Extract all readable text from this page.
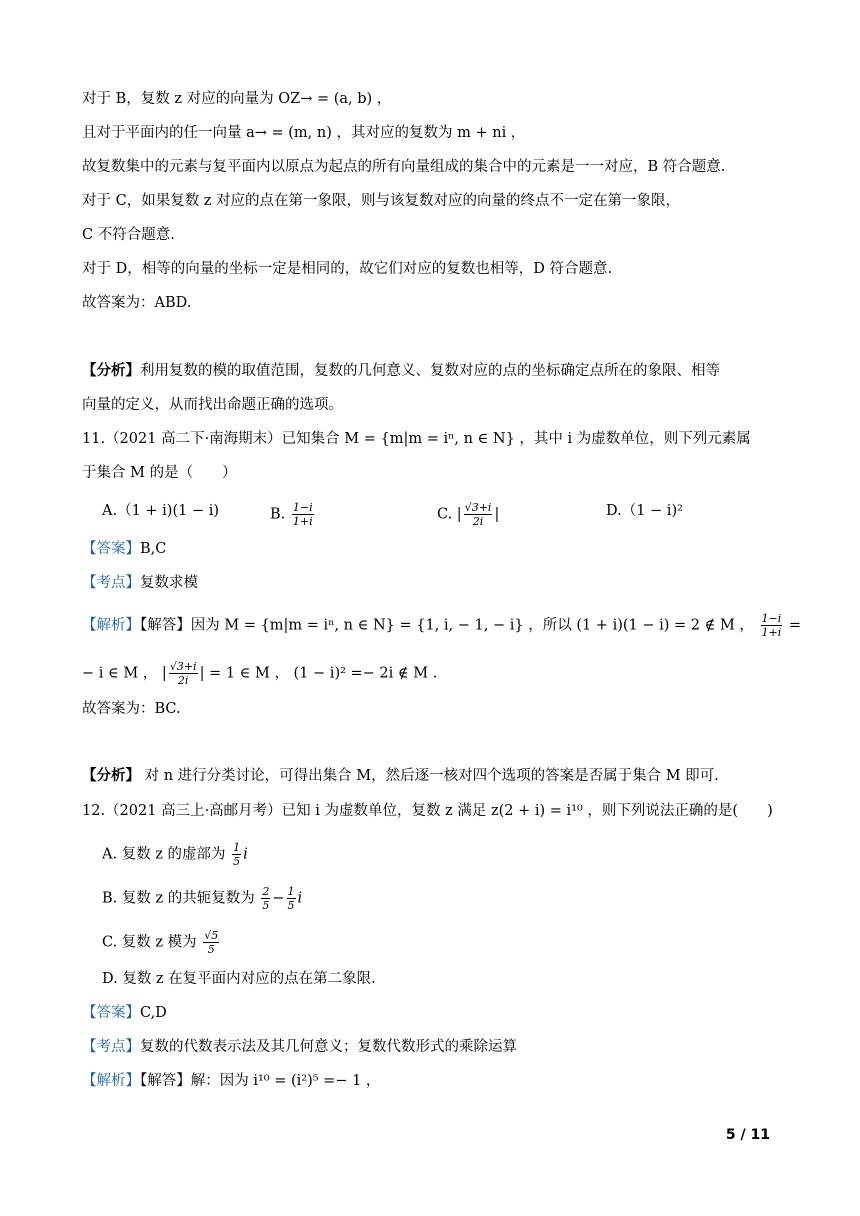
对于 B，复数 z 对应的向量为 OZ→ = (a, b) ，
且对于平面内的任一向量 a→ = (m, n) ，其对应的复数为 m + ni ，
故复数集中的元素与复平面内以原点为起点的所有向量组成的集合中的元素是一一对应，B 符合题意.
对于 C，如果复数 z 对应的点在第一象限，则与该复数对应的向量的终点不一定在第一象限，
C 不符合题意.
对于 D，相等的向量的坐标一定是相同的，故它们对应的复数也相等，D 符合题意.
故答案为：ABD.
【分析】利用复数的模的取值范围，复数的几何意义、复数对应的点的坐标确定点所在的象限、相等
向量的定义，从而找出命题正确的选项。
11.（2021 高二下·南海期末）已知集合 M = {m|m = iⁿ, n ∈ N} ，其中 i 为虚数单位，则下列元素属
于集合 M 的是（　　）
A.（1 + i)(1 − i)	B. $\frac{1-i}{1+i}$	C. | $\frac{√3+i}{2i}$ |	D.（1 − i)²
【答案】B,C
【考点】复数求模
【解析】【解答】因为 M = {m|m = iⁿ, n ∈ N} = {1, i, − 1, − i} ，所以 (1 + i)(1 − i) = 2 ∉ M ， $\frac{1-i}{1+i}$ =
− i ∈ M ， | $\frac{√3+i}{2i}$ | = 1 ∈ M ， (1 − i)² =− 2i ∉ M .
故答案为：BC.
【分析】 对 n 进行分类讨论，可得出集合 M，然后逐一核对四个选项的答案是否属于集合 M 即可.
12.（2021 高三上·高邮月考）已知 i 为虚数单位，复数 z 满足 z(2 + i) = i¹⁰ ，则下列说法正确的是(　　)
A. 复数 z 的虚部为 $\frac{1}{5}$ i
B. 复数 z 的共轭复数为 $\frac{2}{5} - \frac{1}{5}$ i
C. 复数 z 模为 $\frac{√5}{5}$
D. 复数 z 在复平面内对应的点在第二象限.
【答案】C,D
【考点】复数的代数表示法及其几何意义；复数代数形式的乘除运算
【解析】【解答】解：因为 i¹⁰ = (i²)⁵ =− 1 ，
5 / 11
